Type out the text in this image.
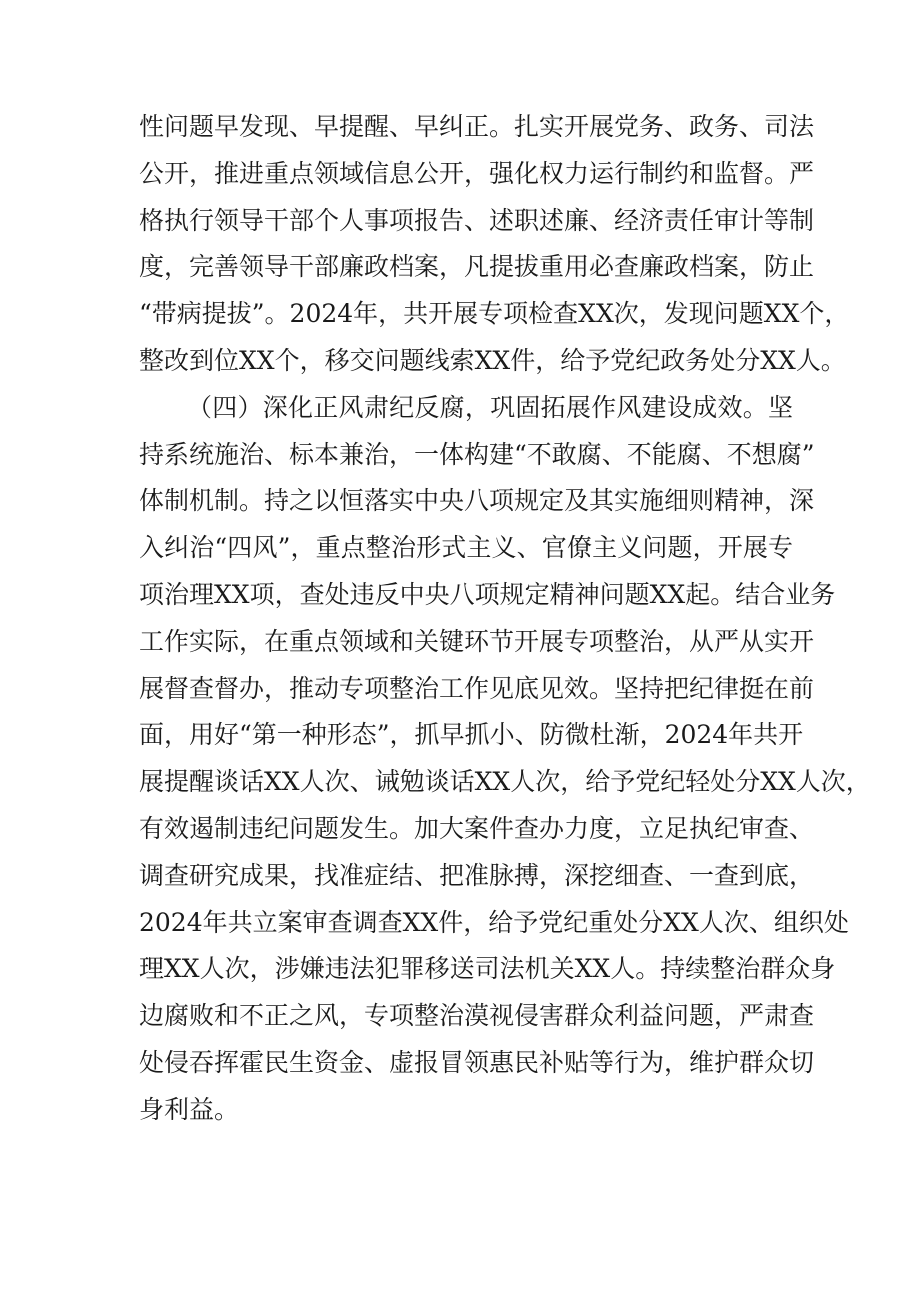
性问题早发现、早提醒、早纠正。扎实开展党务、政务、司法
公开，推进重点领域信息公开，强化权力运行制约和监督。严
格执行领导干部个人事项报告、述职述廉、经济责任审计等制
度，完善领导干部廉政档案，凡提拔重用必查廉政档案，防止
“带病提拔”。2024年，共开展专项检查XX次，发现问题XX个，
整改到位XX个，移交问题线索XX件，给予党纪政务处分XX人。
（四）深化正风肃纪反腐，巩固拓展作风建设成效。坚
持系统施治、标本兼治，一体构建“不敢腐、不能腐、不想腐”
体制机制。持之以恒落实中央八项规定及其实施细则精神，深
入纠治“四风”，重点整治形式主义、官僚主义问题，开展专
项治理XX项，查处违反中央八项规定精神问题XX起。结合业务
工作实际，在重点领域和关键环节开展专项整治，从严从实开
展督查督办，推动专项整治工作见底见效。坚持把纪律挺在前
面，用好“第一种形态”，抓早抓小、防微杜渐，2024年共开
展提醒谈话XX人次、诫勉谈话XX人次，给予党纪轻处分XX人次，
有效遏制违纪问题发生。加大案件查办力度，立足执纪审查、
调查研究成果，找准症结、把准脉搏，深挖细查、一查到底，
2024年共立案审查调查XX件，给予党纪重处分XX人次、组织处
理XX人次，涉嫌违法犯罪移送司法机关XX人。持续整治群众身
边腐败和不正之风，专项整治漠视侵害群众利益问题，严肃查
处侵吞挥霍民生资金、虚报冒领惠民补贴等行为，维护群众切
身利益。
